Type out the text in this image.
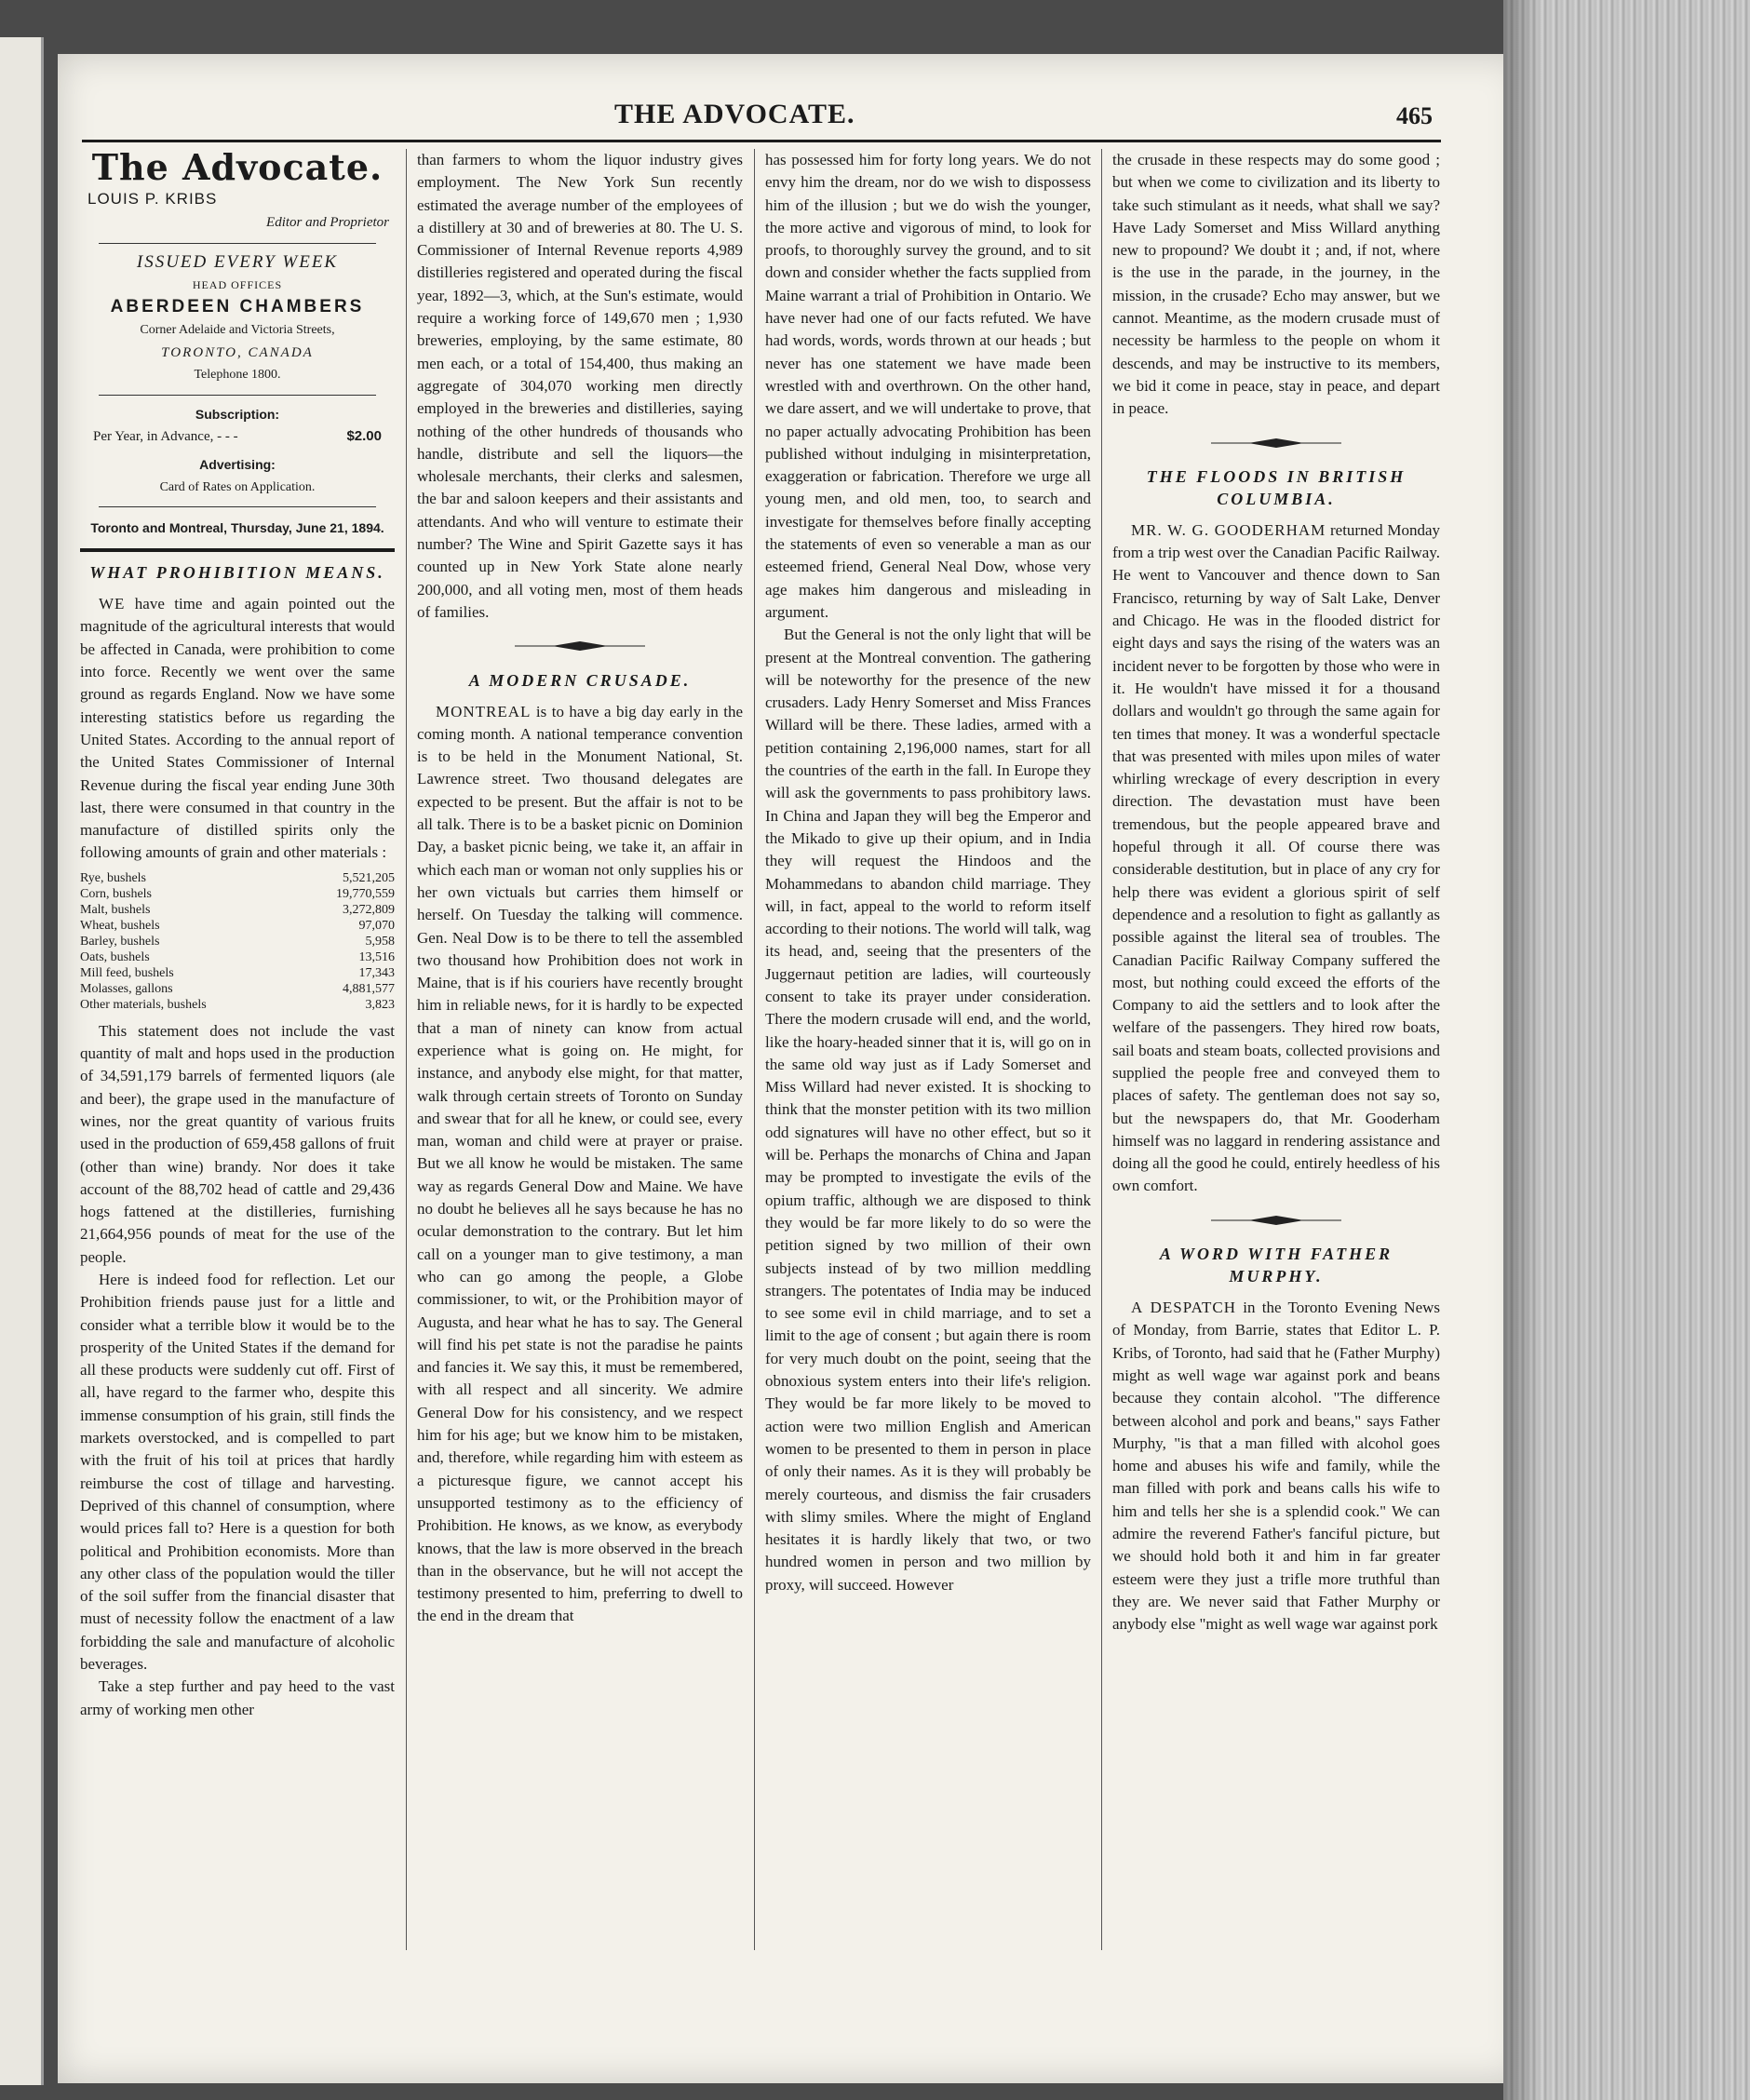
THE ADVOCATE.	465
The Advocate.
LOUIS P. KRIBS
Editor and Proprietor
ISSUED EVERY WEEK
HEAD OFFICES
ABERDEEN CHAMBERS
Corner Adelaide and Victoria Streets,
TORONTO, CANADA
Telephone 1800.
Subscription:
Per Year, in Advance, - - -	$2.00
Advertising:
Card of Rates on Application.
Toronto and Montreal, Thursday, June 21, 1894.
WHAT PROHIBITION MEANS.

WE have time and again pointed out the magnitude of the agricultural interests that would be affected in Canada, were prohibition to come into force. Recently we went over the same ground as regards England. Now we have some interesting statistics before us regarding the United States. According to the annual report of the United States Commissioner of Internal Revenue during the fiscal year ending June 30th last, there were consumed in that country in the manufacture of distilled spirits only the following amounts of grain and other materials :

Rye, bushels	5,521,205
Corn, bushels	19,770,559
Malt, bushels	3,272,809
Wheat, bushels	97,070
Barley, bushels	5,958
Oats, bushels	13,516
Mill feed, bushels	17,343
Molasses, gallons	4,881,577
Other materials, bushels	3,823

This statement does not include the vast quantity of malt and hops used in the production of 34,591,179 barrels of fermented liquors (ale and beer), the grape used in the manufacture of wines, nor the great quantity of various fruits used in the production of 659,458 gallons of fruit (other than wine) brandy. Nor does it take account of the 88,702 head of cattle and 29,436 hogs fattened at the distilleries, furnishing 21,664,956 pounds of meat for the use of the people.

Here is indeed food for reflection. Let our Prohibition friends pause just for a little and consider what a terrible blow it would be to the prosperity of the United States if the demand for all these products were suddenly cut off. First of all, have regard to the farmer who, despite this immense consumption of his grain, still finds the markets overstocked, and is compelled to part with the fruit of his toil at prices that hardly reimburse the cost of tillage and harvesting. Deprived of this channel of consumption, where would prices fall to? Here is a question for both political and Prohibition economists. More than any other class of the population would the tiller of the soil suffer from the financial disaster that must of necessity follow the enactment of a law forbidding the sale and manufacture of alcoholic beverages.

Take a step further and pay heed to the vast army of working men other

than farmers to whom the liquor industry gives employment. The New York Sun recently estimated the average number of the employees of a distillery at 30 and of breweries at 80. The U. S. Commissioner of Internal Revenue reports 4,989 distilleries registered and operated during the fiscal year, 1892—3, which, at the Sun's estimate, would require a working force of 149,670 men ; 1,930 breweries, employing, by the same estimate, 80 men each, or a total of 154,400, thus making an aggregate of 304,070 working men directly employed in the breweries and distilleries, saying nothing of the other hundreds of thousands who handle, distribute and sell the liquors—the wholesale merchants, their clerks and salesmen, the bar and saloon keepers and their assistants and attendants. And who will venture to estimate their number? The Wine and Spirit Gazette says it has counted up in New York State alone nearly 200,000, and all voting men, most of them heads of families.

A MODERN CRUSADE.

MONTREAL is to have a big day early in the coming month. A national temperance convention is to be held in the Monument National, St. Lawrence street. Two thousand delegates are expected to be present. But the affair is not to be all talk. There is to be a basket picnic on Dominion Day, a basket picnic being, we take it, an affair in which each man or woman not only supplies his or her own victuals but carries them himself or herself. On Tuesday the talking will commence. Gen. Neal Dow is to be there to tell the assembled two thousand how Prohibition does not work in Maine, that is if his couriers have recently brought him in reliable news, for it is hardly to be expected that a man of ninety can know from actual experience what is going on. He might, for instance, and anybody else might, for that matter, walk through certain streets of Toronto on Sunday and swear that for all he knew, or could see, every man, woman and child were at prayer or praise. But we all know he would be mistaken. The same way as regards General Dow and Maine. We have no doubt he believes all he says because he has no ocular demonstration to the contrary. But let him call on a younger man to give testimony, a man who can go among the people, a Globe commissioner, to wit, or the Prohibition mayor of Augusta, and hear what he has to say. The General will find his pet state is not the paradise he paints and fancies it. We say this, it must be remembered, with all respect and all sincerity. We admire General Dow for his consistency, and we respect him for his age; but we know him to be mistaken, and, therefore, while regarding him with esteem as a picturesque figure, we cannot accept his unsupported testimony as to the efficiency of Prohibition. He knows, as we know, as everybody knows, that the law is more observed in the breach than in the observance, but he will not accept the testimony presented to him, preferring to dwell to the end in the dream that

has possessed him for forty long years. We do not envy him the dream, nor do we wish to dispossess him of the illusion ; but we do wish the younger, the more active and vigorous of mind, to look for proofs, to thoroughly survey the ground, and to sit down and consider whether the facts supplied from Maine warrant a trial of Prohibition in Ontario. We have never had one of our facts refuted. We have had words, words, words thrown at our heads ; but never has one statement we have made been wrestled with and overthrown. On the other hand, we dare assert, and we will undertake to prove, that no paper actually advocating Prohibition has been published without indulging in misinterpretation, exaggeration or fabrication. Therefore we urge all young men, and old men, too, to search and investigate for themselves before finally accepting the statements of even so venerable a man as our esteemed friend, General Neal Dow, whose very age makes him dangerous and misleading in argument.

But the General is not the only light that will be present at the Montreal convention. The gathering will be noteworthy for the presence of the new crusaders. Lady Henry Somerset and Miss Frances Willard will be there. These ladies, armed with a petition containing 2,196,000 names, start for all the countries of the earth in the fall. In Europe they will ask the governments to pass prohibitory laws. In China and Japan they will beg the Emperor and the Mikado to give up their opium, and in India they will request the Hindoos and the Mohammedans to abandon child marriage. They will, in fact, appeal to the world to reform itself according to their notions. The world will talk, wag its head, and, seeing that the presenters of the Juggernaut petition are ladies, will courteously consent to take its prayer under consideration. There the modern crusade will end, and the world, like the hoary-headed sinner that it is, will go on in the same old way just as if Lady Somerset and Miss Willard had never existed. It is shocking to think that the monster petition with its two million odd signatures will have no other effect, but so it will be. Perhaps the monarchs of China and Japan may be prompted to investigate the evils of the opium traffic, although we are disposed to think they would be far more likely to do so were the petition signed by two million of their own subjects instead of by two million meddling strangers. The potentates of India may be induced to see some evil in child marriage, and to set a limit to the age of consent ; but again there is room for very much doubt on the point, seeing that the obnoxious system enters into their life's religion. They would be far more likely to be moved to action were two million English and American women to be presented to them in person in place of only their names. As it is they will probably be merely courteous, and dismiss the fair crusaders with slimy smiles. Where the might of England hesitates it is hardly likely that two, or two hundred women in person and two million by proxy, will succeed. However

the crusade in these respects may do some good ; but when we come to civilization and its liberty to take such stimulant as it needs, what shall we say? Have Lady Somerset and Miss Willard anything new to propound? We doubt it ; and, if not, where is the use in the parade, in the journey, in the mission, in the crusade? Echo may answer, but we cannot. Meantime, as the modern crusade must of necessity be harmless to the people on whom it descends, and may be instructive to its members, we bid it come in peace, stay in peace, and depart in peace.

THE FLOODS IN BRITISH COLUMBIA.

MR. W. G. GOODERHAM returned Monday from a trip west over the Canadian Pacific Railway. He went to Vancouver and thence down to San Francisco, returning by way of Salt Lake, Denver and Chicago. He was in the flooded district for eight days and says the rising of the waters was an incident never to be forgotten by those who were in it. He wouldn't have missed it for a thousand dollars and wouldn't go through the same again for ten times that money. It was a wonderful spectacle that was presented with miles upon miles of water whirling wreckage of every description in every direction. The devastation must have been tremendous, but the people appeared brave and hopeful through it all. Of course there was considerable destitution, but in place of any cry for help there was evident a glorious spirit of self dependence and a resolution to fight as gallantly as possible against the literal sea of troubles. The Canadian Pacific Railway Company suffered the most, but nothing could exceed the efforts of the Company to aid the settlers and to look after the welfare of the passengers. They hired row boats, sail boats and steam boats, collected provisions and supplied the people free and conveyed them to places of safety. The gentleman does not say so, but the newspapers do, that Mr. Gooderham himself was no laggard in rendering assistance and doing all the good he could, entirely heedless of his own comfort.

A WORD WITH FATHER MURPHY.

A DESPATCH in the Toronto Evening News of Monday, from Barrie, states that Editor L. P. Kribs, of Toronto, had said that he (Father Murphy) might as well wage war against pork and beans because they contain alcohol. "The difference between alcohol and pork and beans," says Father Murphy, "is that a man filled with alcohol goes home and abuses his wife and family, while the man filled with pork and beans calls his wife to him and tells her she is a splendid cook." We can admire the reverend Father's fanciful picture, but we should hold both it and him in far greater esteem were they just a trifle more truthful than they are. We never said that Father Murphy or anybody else "might as well wage war against pork
